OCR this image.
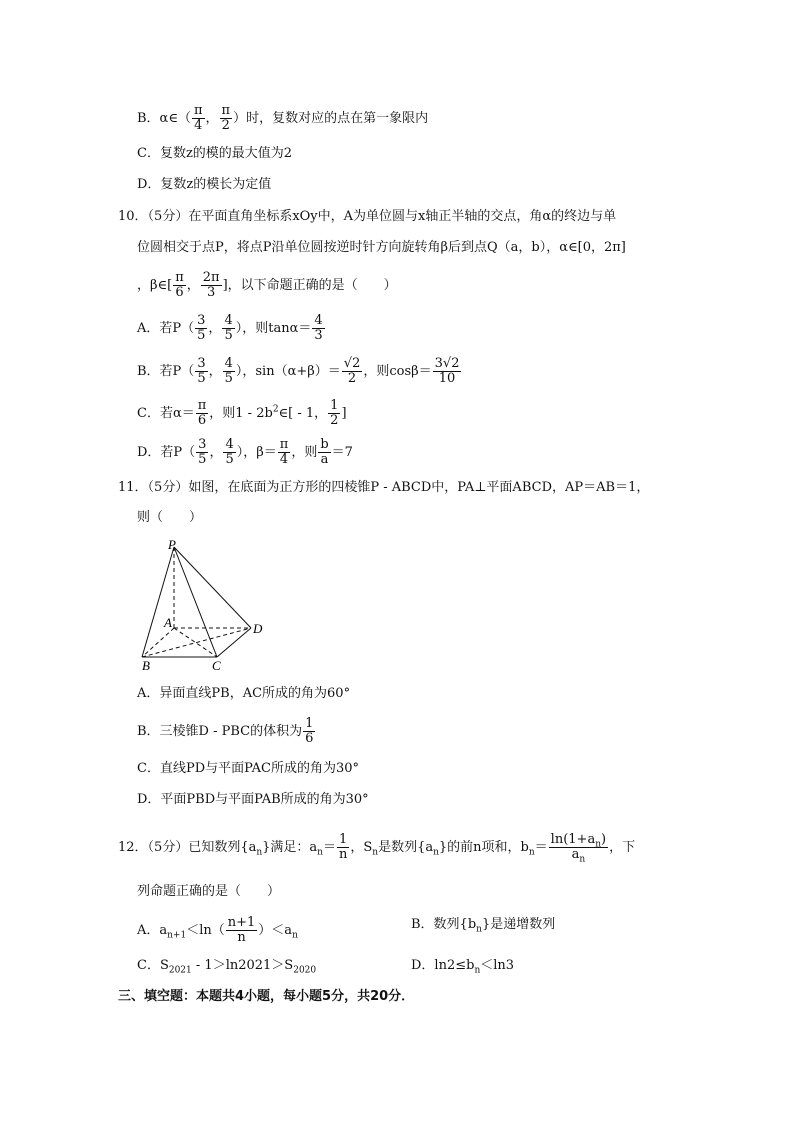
B．α∈（ $\frac{\pi}{4}$ ， $\frac{\pi}{2}$ ）时，复数对应的点在第一象限内
C．复数z的模的最大值为2
D．复数z的模长为定值
10．（5分）在平面直角坐标系xOy中，A为单位圆与x轴正半轴的交点，角α的终边与单
位圆相交于点P，将点P沿单位圆按逆时针方向旋转角β后到点Q（a，b），α∈[0，2π]
，β∈[ $\frac{\pi}{6}$ ， $\frac{2\pi}{3}$ ]，以下命题正确的是（　　）
A．若$P( \frac{3}{5}$ ， $\frac{4}{5}$ ），则$\tan\alpha= \frac{4}{3}$
B．若$P( \frac{3}{5}$ ， $\frac{4}{5}$ ），$\sin(\alpha+\beta)= \frac{√2}{2}$ ，则$\cos\beta= \frac{3√2}{10}$
C．若$\alpha= \frac{\pi}{6}$ ，则$1 - 2b^2\in[ - 1$， $\frac{1}{2}$ ]
D．若$P( \frac{3}{5}$ ， $\frac{4}{5}$ ），$\beta= \frac{\pi}{4}$ ，则 $\frac{b}{a} =7$
11．（5分）如图，在底面为正方形的四棱锥P - ABCD中，PA⊥平面ABCD，AP＝AB＝1，
则（　　）
P
A
B	C
D
A．异面直线PB，AC所成的角为60°
B．三棱锥D - PBC的体积为 $\frac{1}{6}$
C．直线PD与平面PAC所成的角为30°
D．平面PBD与平面PAB所成的角为30°
12．（5分）已知数列$\{a_n\}$满足：$a_n= \frac{1}{n}$ ，$S_n$是数列$\{a_n\}$的前n项和，$b_n= \frac{\ln(1+a_n)}{a_n}$ ，下
列命题正确的是（　　）
A．$a_{n+1}<\ln( \frac{n+1}{n} )<a_n$
B．数列$\{b_n\}$是递增数列
C．$S_{2021} - 1>\ln 2021>S_{2020}$	D．$\ln 2\le b_n<\ln 3$
三、填空题：本题共4小题，每小题5分，共20分．
